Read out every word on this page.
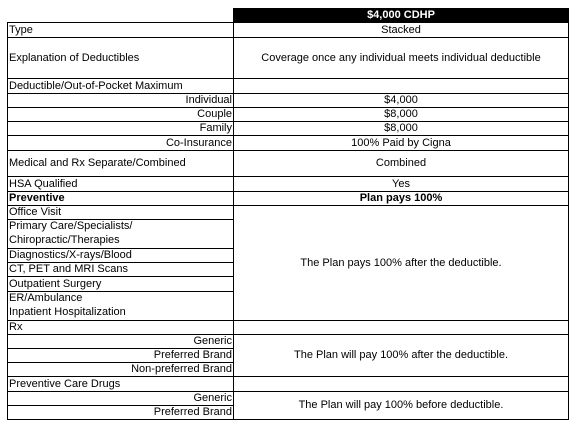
	$4,000 CDHP
Type	Stacked
Explanation of Deductibles	Coverage once any individual meets individual deductible
Deductible/Out-of-Pocket Maximum	
Individual	$4,000
Couple	$8,000
Family	$8,000
Co-Insurance	100% Paid by Cigna
Medical and Rx Separate/Combined	Combined
HSA Qualified	Yes
Preventive	Plan pays 100%
Office Visit	The Plan pays 100% after the deductible.
Primary Care/Specialists/	
Chiropractic/Therapies	
Diagnostics/X-rays/Blood	
CT, PET and MRI Scans	
Outpatient Surgery	
ER/Ambulance	
Inpatient Hospitalization	
Rx	
Generic	The Plan will pay 100% after the deductible.
Preferred Brand	
Non-preferred Brand	
Preventive Care Drugs	
Generic	The Plan will pay 100% before deductible.
Preferred Brand	
